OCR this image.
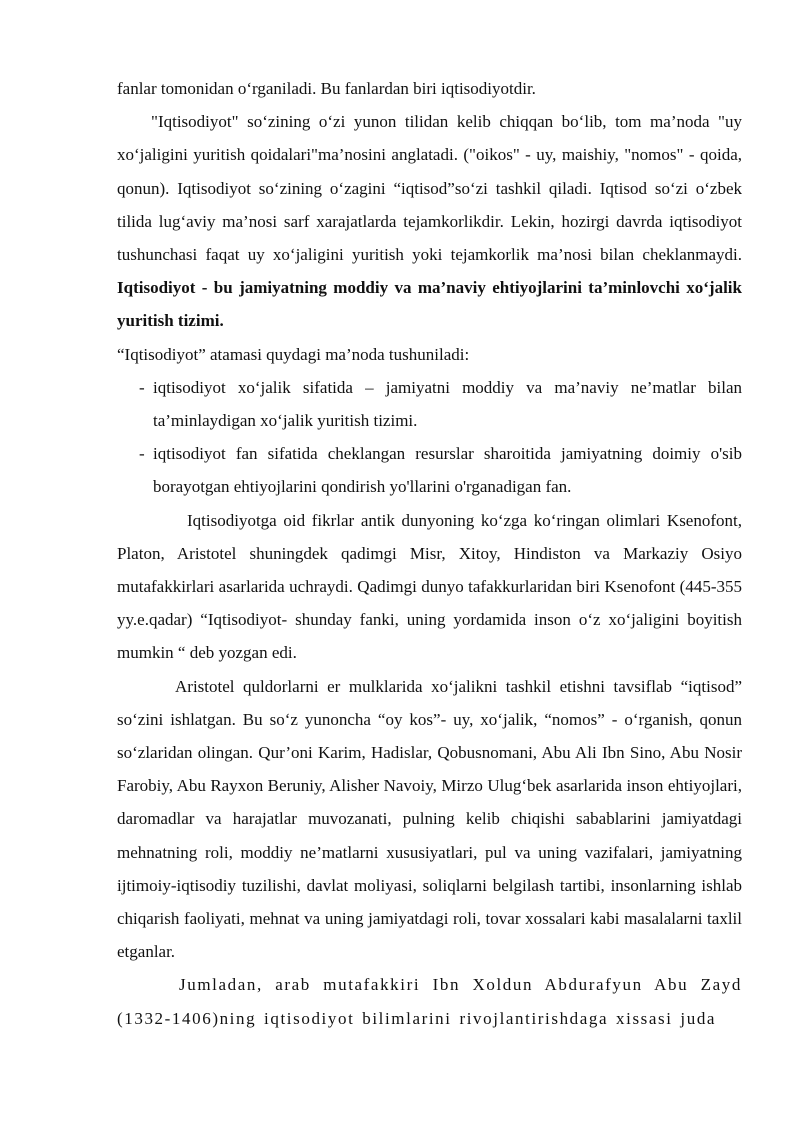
fanlar tomonidan o‘rganiladi. Bu fanlardan biri iqtisodiyotdir.

"Iqtisodiyot" so‘zining o‘zi yunon tilidan kelib chiqqan bo‘lib, tom ma’noda "uy xo‘jaligini yuritish qoidalari"ma’nosini anglatadi. ("oikos" - uy, maishiy, "nomos" - qoida, qonun). Iqtisodiyot so‘zining o‘zagini “iqtisod”so‘zi tashkil qiladi. Iqtisod so‘zi o‘zbek tilida lug‘aviy ma’nosi sarf xarajatlarda tejamkorlikdir. Lekin, hozirgi davrda iqtisodiyot tushunchasi faqat uy xo‘jaligini yuritish yoki tejamkorlik ma’nosi bilan cheklanmaydi. Iqtisodiyot - bu jamiyatning moddiy va ma’naviy ehtiyojlarini ta’minlovchi xo‘jalik yuritish tizimi.

“Iqtisodiyot” atamasi quydagi ma’noda tushuniladi:

- iqtisodiyot xo‘jalik sifatida – jamiyatni moddiy va ma’naviy ne’matlar bilan ta’minlaydigan xo‘jalik yuritish tizimi.
- iqtisodiyot fan sifatida cheklangan resurslar sharoitida jamiyatning doimiy o'sib borayotgan ehtiyojlarini qondirish yo'llarini o'rganadigan fan.

Iqtisodiyotga oid fikrlar antik dunyoning ko‘zga ko‘ringan olimlari Ksenofont, Platon, Aristotel shuningdek qadimgi Misr, Xitoy, Hindiston va Markaziy Osiyo mutafakkirlari asarlarida uchraydi. Qadimgi dunyo tafakkurlaridan biri Ksenofont (445-355 yy.e.qadar) “Iqtisodiyot- shunday fanki, uning yordamida inson o‘z xo‘jaligini boyitish mumkin “ deb yozgan edi.

Aristotel quldorlarni er mulklarida xo‘jalikni tashkil etishni tavsiflab “iqtisod” so‘zini ishlatgan. Bu so‘z yunoncha “oy kos”- uy, xo‘jalik, “nomos” - o‘rganish, qonun so‘zlaridan olingan. Qur’oni Karim, Hadislar, Qobusnomani, Abu Ali Ibn Sino, Abu Nosir Farobiy, Abu Rayxon Beruniy, Alisher Navoiy, Mirzo Ulug‘bek asarlarida inson ehtiyojlari, daromadlar va harajatlar muvozanati, pulning kelib chiqishi sabablarini jamiyatdagi mehnatning roli, moddiy ne’matlarni xususiyatlari, pul va uning vazifalari, jamiyatning ijtimoiy-iqtisodiy tuzilishi, davlat moliyasi, soliqlarni belgilash tartibi, insonlarning ishlab chiqarish faoliyati, mehnat va uning jamiyatdagi roli, tovar xossalari kabi masalalarni taxlil etganlar.

Jumladan, arab mutafakkiri Ibn Xoldun Abdurafyun Abu Zayd (1332-1406)ning iqtisodiyot bilimlarini rivojlantirishdaga xissasi juda
